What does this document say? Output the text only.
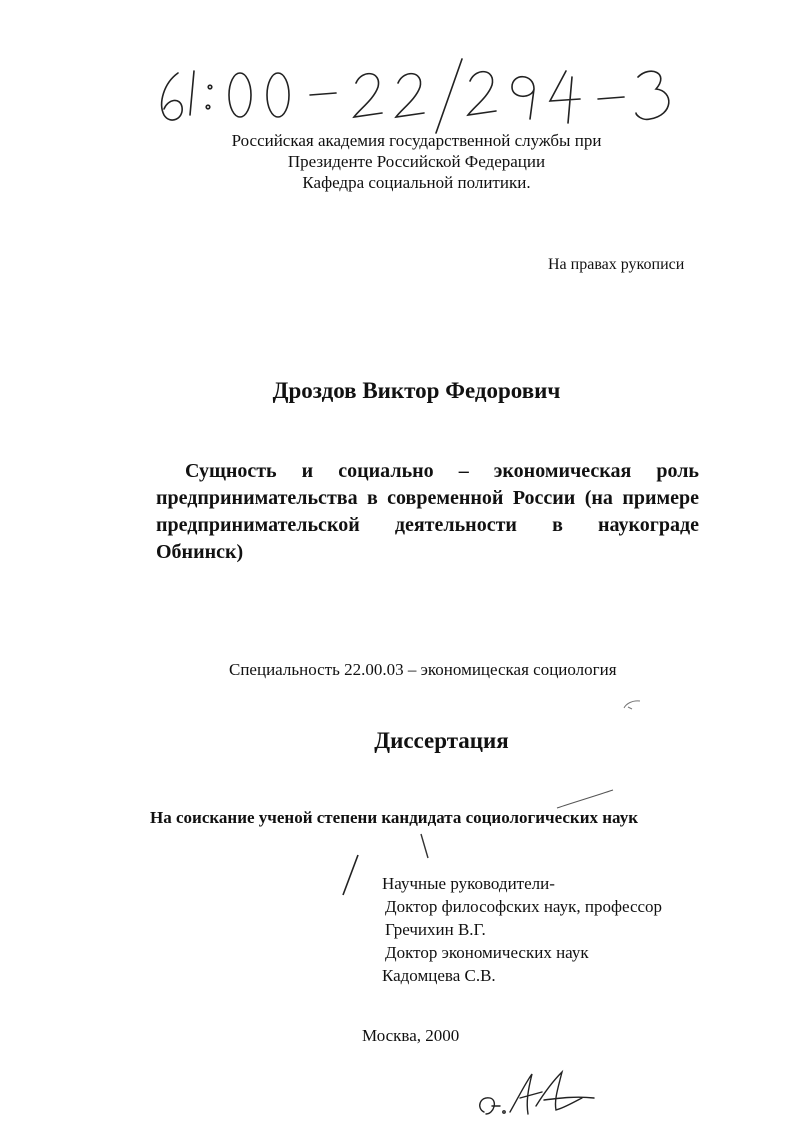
Российская академия государственной службы при
Президенте Российской Федерации
Кафедра социальной политики.
На правах рукописи
Дроздов Виктор Федорович
Сущность и социально – экономическая роль предпринимательства в современной России (на примере предпринимательской деятельности в наукограде Обнинск)
Специальность 22.00.03 – экономицеская социология
Диссертация
На соискание ученой степени кандидата социологических наук
Научные руководители-
Доктор философских наук, профессор
Гречихин В.Г.
Доктор экономических наук
Кадомцева С.В.
Москва, 2000
